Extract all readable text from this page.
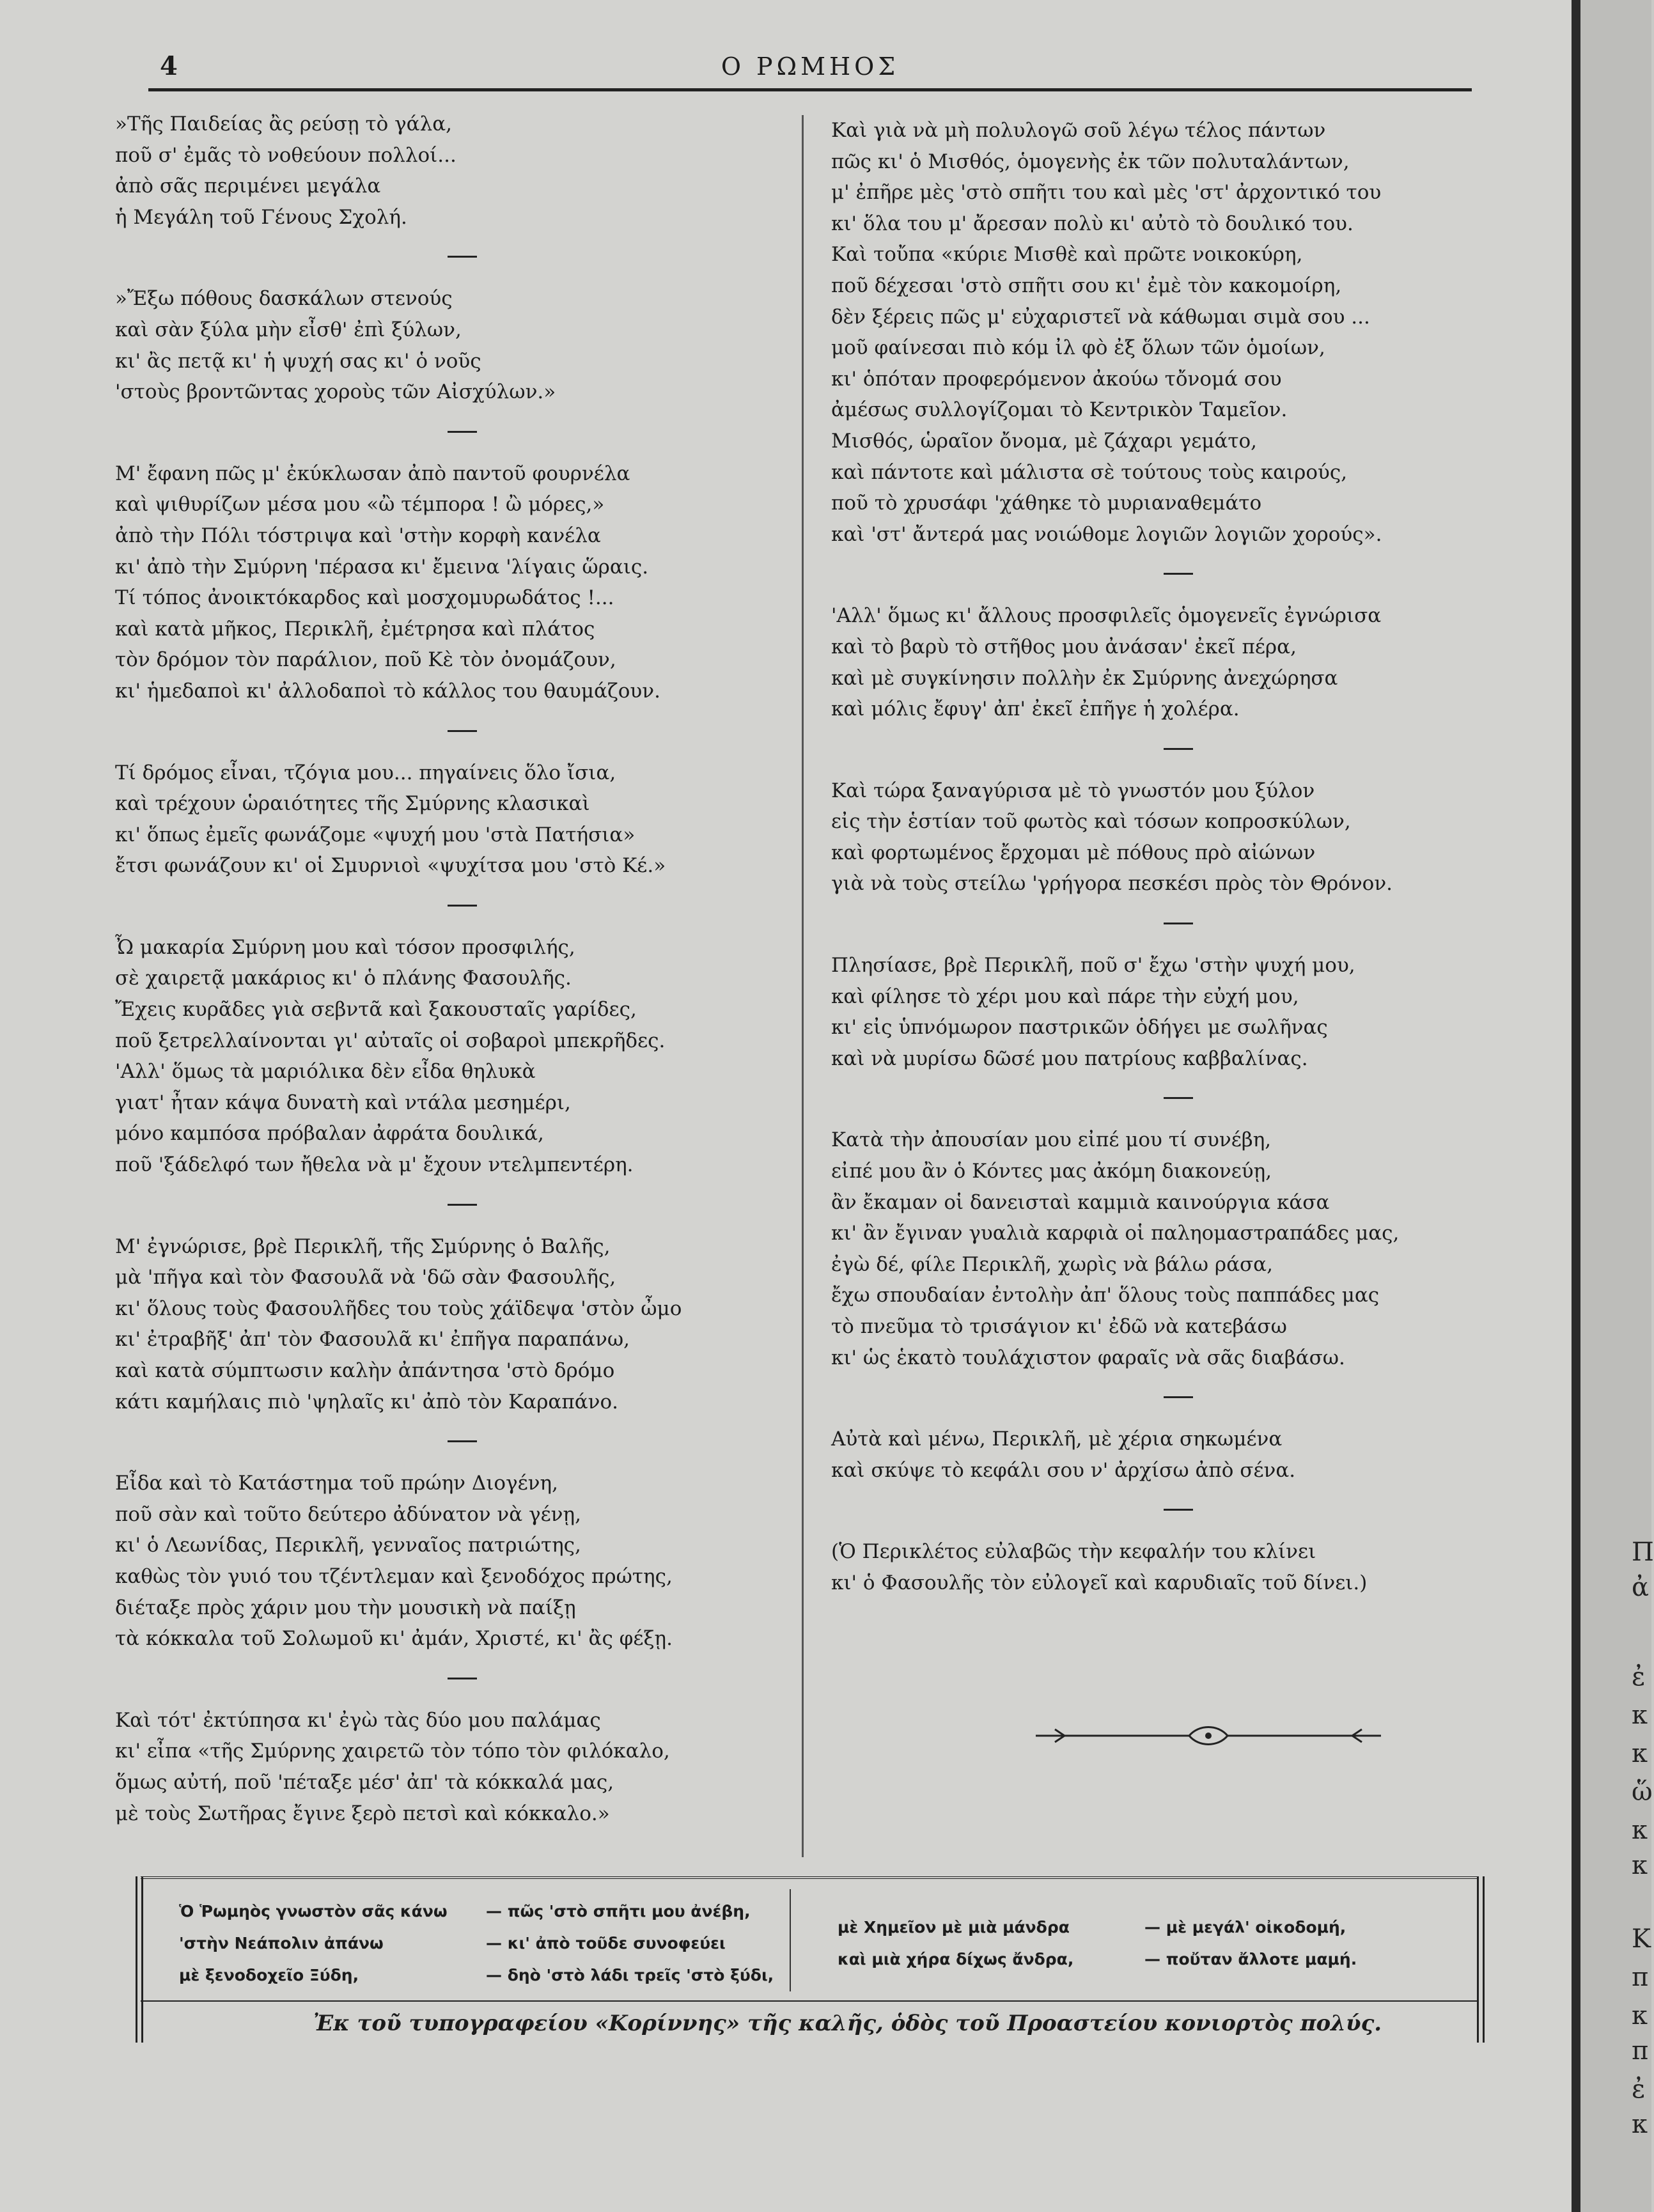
4	Ο ΡΩΜΗΟΣ
»Τῆς Παιδείας ἂς ρεύσῃ τὸ γάλα,
ποῦ σ' ἐμᾶς τὸ νοθεύουν πολλοί...
ἀπὸ σᾶς περιμένει μεγάλα
ἡ Μεγάλη τοῦ Γένους Σχολή.
»Ἔξω πόθους δασκάλων στενούς
καὶ σὰν ξύλα μὴν εἶσθ' ἐπὶ ξύλων,
κι' ἂς πετᾷ κι' ἡ ψυχή σας κι' ὁ νοῦς
'στοὺς βροντῶντας χοροὺς τῶν Αἰσχύλων.»
Μ' ἔφανη πῶς μ' ἐκύκλωσαν ἀπὸ παντοῦ φουρνέλα
καὶ ψιθυρίζων μέσα μου «ὢ τέμπορα ! ὢ μόρες,»
ἀπὸ τὴν Πόλι τόστριψα καὶ 'στὴν κορφὴ κανέλα
κι' ἀπὸ τὴν Σμύρνη 'πέρασα κι' ἔμεινα 'λίγαις ὥραις.
Τί τόπος ἀνοικτόκαρδος καὶ μοσχομυρωδάτος !...
καὶ κατὰ μῆκος, Περικλῆ, ἐμέτρησα καὶ πλάτος
τὸν δρόμον τὸν παράλιον, ποῦ Κὲ τὸν ὀνομάζουν,
κι' ἡμεδαποὶ κι' ἀλλοδαποὶ τὸ κάλλος του θαυμάζουν.
Τί δρόμος εἶναι, τζόγια μου... πηγαίνεις ὅλο ἴσια,
καὶ τρέχουν ὡραιότητες τῆς Σμύρνης κλασικαὶ
κι' ὅπως ἐμεῖς φωνάζομε «ψυχή μου 'στὰ Πατήσια»
ἔτσι φωνάζουν κι' οἱ Σμυρνιοὶ «ψυχίτσα μου 'στὸ Κέ.»
Ὦ μακαρία Σμύρνη μου καὶ τόσον προσφιλής,
σὲ χαιρετᾷ μακάριος κι' ὁ πλάνης Φασουλῆς.
Ἔχεις κυρᾶδες γιὰ σεβντᾶ καὶ ξακουσταῖς γαρίδες,
ποῦ ξετρελλαίνονται γι' αὐταῖς οἱ σοβαροὶ μπεκρῆδες.
'Αλλ' ὅμως τὰ μαριόλικα δὲν εἶδα θηλυκὰ
γιατ' ἦταν κάψα δυνατὴ καὶ ντάλα μεσημέρι,
μόνο καμπόσα πρόβαλαν ἀφράτα δουλικά,
ποῦ 'ξάδελφό των ἤθελα νὰ μ' ἔχουν ντελμπεντέρη.
Μ' ἐγνώρισε, βρὲ Περικλῆ, τῆς Σμύρνης ὁ Βαλῆς,
μὰ 'πῆγα καὶ τὸν Φασουλᾶ νὰ 'δῶ σὰν Φασουλῆς,
κι' ὅλους τοὺς Φασουλῆδες του τοὺς χάϊδεψα 'στὸν ὦμο
κι' ἐτραβῆξ' ἀπ' τὸν Φασουλᾶ κι' ἐπῆγα παραπάνω,
καὶ κατὰ σύμπτωσιν καλὴν ἀπάντησα 'στὸ δρόμο
κάτι καμήλαις πιὸ 'ψηλαῖς κι' ἀπὸ τὸν Καραπάνο.
Εἶδα καὶ τὸ Κατάστημα τοῦ πρώην Διογένη,
ποῦ σὰν καὶ τοῦτο δεύτερο ἀδύνατον νὰ γένῃ,
κι' ὁ Λεωνίδας, Περικλῆ, γενναῖος πατριώτης,
καθὼς τὸν γυιό του τζέντλεμαν καὶ ξενοδόχος πρώτης,
διέταξε πρὸς χάριν μου τὴν μουσικὴ νὰ παίξῃ
τὰ κόκκαλα τοῦ Σολωμοῦ κι' ἀμάν, Χριστέ, κι' ἂς φέξῃ.
Καὶ τότ' ἐκτύπησα κι' ἐγὼ τὰς δύο μου παλάμας
κι' εἶπα «τῆς Σμύρνης χαιρετῶ τὸν τόπο τὸν φιλόκαλο,
ὅμως αὐτή, ποῦ 'πέταξε μέσ' ἀπ' τὰ κόκκαλά μας,
μὲ τοὺς Σωτῆρας ἔγινε ξερὸ πετσὶ καὶ κόκκαλο.»
Καὶ γιὰ νὰ μὴ πολυλογῶ σοῦ λέγω τέλος πάντων
πῶς κι' ὁ Μισθός, ὁμογενὴς ἐκ τῶν πολυταλάντων,
μ' ἐπῆρε μὲς 'στὸ σπῆτι του καὶ μὲς 'στ' ἀρχοντικό του
κι' ὅλα του μ' ἄρεσαν πολὺ κι' αὐτὸ τὸ δουλικό του.
Καὶ τοὔπα «κύριε Μισθὲ καὶ πρῶτε νοικοκύρη,
ποῦ δέχεσαι 'στὸ σπῆτι σου κι' ἐμὲ τὸν κακομοίρη,
δὲν ξέρεις πῶς μ' εὐχαριστεῖ νὰ κάθωμαι σιμὰ σου ...
μοῦ φαίνεσαι πιὸ κόμ ἰλ φὸ ἐξ ὅλων τῶν ὁμοίων,
κι' ὁπόταν προφερόμενον ἀκούω τὄνομά σου
ἀμέσως συλλογίζομαι τὸ Κεντρικὸν Ταμεῖον.
Μισθός, ὡραῖον ὄνομα, μὲ ζάχαρι γεμάτο,
καὶ πάντοτε καὶ μάλιστα σὲ τούτους τοὺς καιρούς,
ποῦ τὸ χρυσάφι 'χάθηκε τὸ μυριαναθεμάτο
καὶ 'στ' ἄντερά μας νοιώθομε λογιῶν λογιῶν χορούς».
'Αλλ' ὅμως κι' ἄλλους προσφιλεῖς ὁμογενεῖς ἐγνώρισα
καὶ τὸ βαρὺ τὸ στῆθος μου ἀνάσαν' ἐκεῖ πέρα,
καὶ μὲ συγκίνησιν πολλὴν ἐκ Σμύρνης ἀνεχώρησα
καὶ μόλις ἔφυγ' ἀπ' ἐκεῖ ἐπῆγε ἡ χολέρα.
Καὶ τώρα ξαναγύρισα μὲ τὸ γνωστόν μου ξύλον
εἰς τὴν ἑστίαν τοῦ φωτὸς καὶ τόσων κοπροσκύλων,
καὶ φορτωμένος ἔρχομαι μὲ πόθους πρὸ αἰώνων
γιὰ νὰ τοὺς στείλω 'γρήγορα πεσκέσι πρὸς τὸν Θρόνον.
Πλησίασε, βρὲ Περικλῆ, ποῦ σ' ἔχω 'στὴν ψυχή μου,
καὶ φίλησε τὸ χέρι μου καὶ πάρε τὴν εὐχή μου,
κι' εἰς ὑπνόμωρον παστρικῶν ὁδήγει με σωλῆνας
καὶ νὰ μυρίσω δῶσέ μου πατρίους καββαλίνας.
Κατὰ τὴν ἀπουσίαν μου εἰπέ μου τί συνέβη,
εἰπέ μου ἂν ὁ Κόντες μας ἀκόμη διακονεύῃ,
ἂν ἔκαμαν οἱ δανεισταὶ καμμιὰ καινούργια κάσα
κι' ἂν ἔγιναν γυαλιὰ καρφιὰ οἱ παληομαστραπάδες μας,
ἐγὼ δέ, φίλε Περικλῆ, χωρὶς νὰ βάλω ράσα,
ἔχω σπουδαίαν ἐντολὴν ἀπ' ὅλους τοὺς παππάδες μας
τὸ πνεῦμα τὸ τρισάγιον κι' ἐδῶ νὰ κατεβάσω
κι' ὡς ἑκατὸ τουλάχιστον φαραῖς νὰ σᾶς διαβάσω.
Αὐτὰ καὶ μένω, Περικλῆ, μὲ χέρια σηκωμένα
καὶ σκύψε τὸ κεφάλι σου ν' ἀρχίσω ἀπὸ σένα.
(Ὁ Περικλέτος εὐλαβῶς τὴν κεφαλήν του κλίνει
κι' ὁ Φασουλῆς τὸν εὐλογεῖ καὶ καρυδιαῖς τοῦ δίνει.)
Ὁ Ῥωμηὸς γνωστὸν σᾶς κάνω — πῶς 'στὸ σπῆτι μου ἀνέβη,
'στὴν Νεάπολιν ἀπάνω	— κι' ἀπὸ τοῦδε συνοφεύει
μὲ ξενοδοχεῖο Ξύδη,	— δηὸ 'στὸ λάδι τρεῖς 'στὸ ξύδι,
μὲ Χημεῖον μὲ μιὰ μάνδρα	— μὲ μεγάλ' οἰκοδομή,
καὶ μιὰ χήρα δίχως ἄνδρα,	— ποὔταν ἄλλοτε μαμή.
Ἐκ τοῦ τυπογραφείου «Κορίννης» τῆς καλῆς, ὁδὸς τοῦ Προαστείου κονιορτὸς πολύς.
Π
ἀ
ἐ
κ
κ
ὥ
κ
κ
Κ
π
κ
π
ἐ
κ
